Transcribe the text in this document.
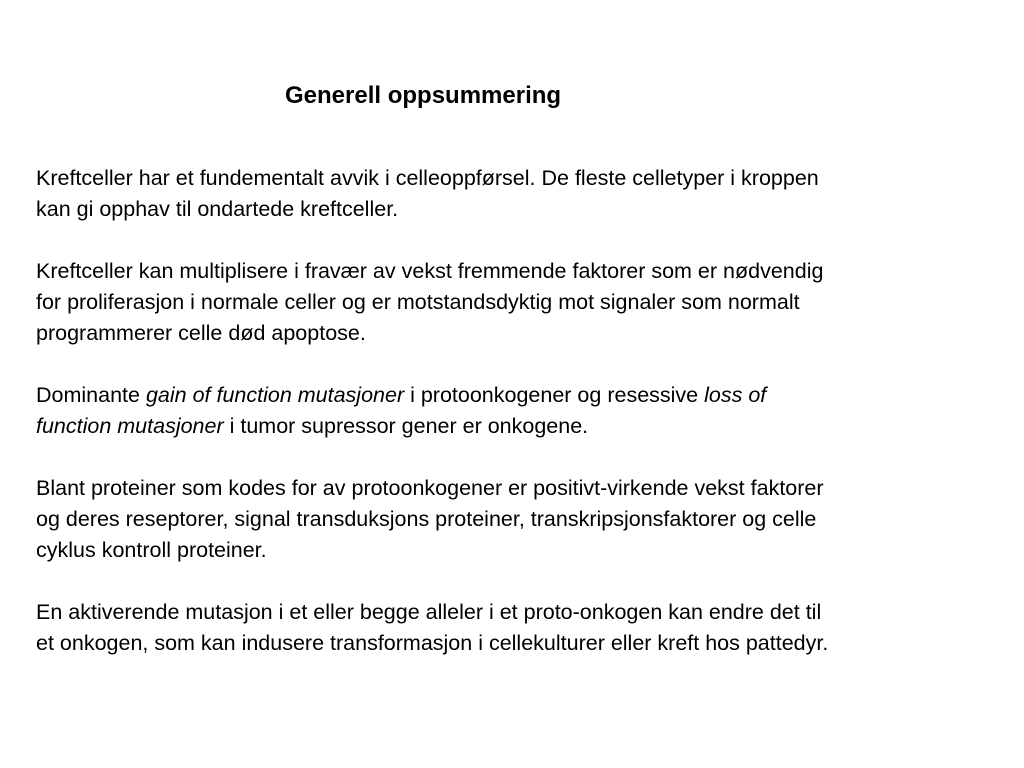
Generell oppsummering

Kreftceller har et fundementalt avvik i celleoppførsel. De fleste celletyper i kroppen
kan gi opphav til ondartede kreftceller.

Kreftceller kan multiplisere i fravær av vekst fremmende faktorer som er nødvendig
for proliferasjon i normale celler og er motstandsdyktig mot signaler som normalt
programmerer celle død apoptose.

Dominante gain of function mutasjoner i protoonkogener og resessive loss of
function mutasjoner i tumor supressor gener er onkogene.

Blant proteiner som kodes for av protoonkogener er positivt-virkende vekst faktorer
og deres reseptorer, signal transduksjons proteiner, transkripsjonsfaktorer og celle
cyklus kontroll proteiner.

En aktiverende mutasjon i et eller begge alleler i et proto-onkogen kan endre det til
et onkogen, som kan indusere transformasjon i cellekulturer eller kreft hos pattedyr.
